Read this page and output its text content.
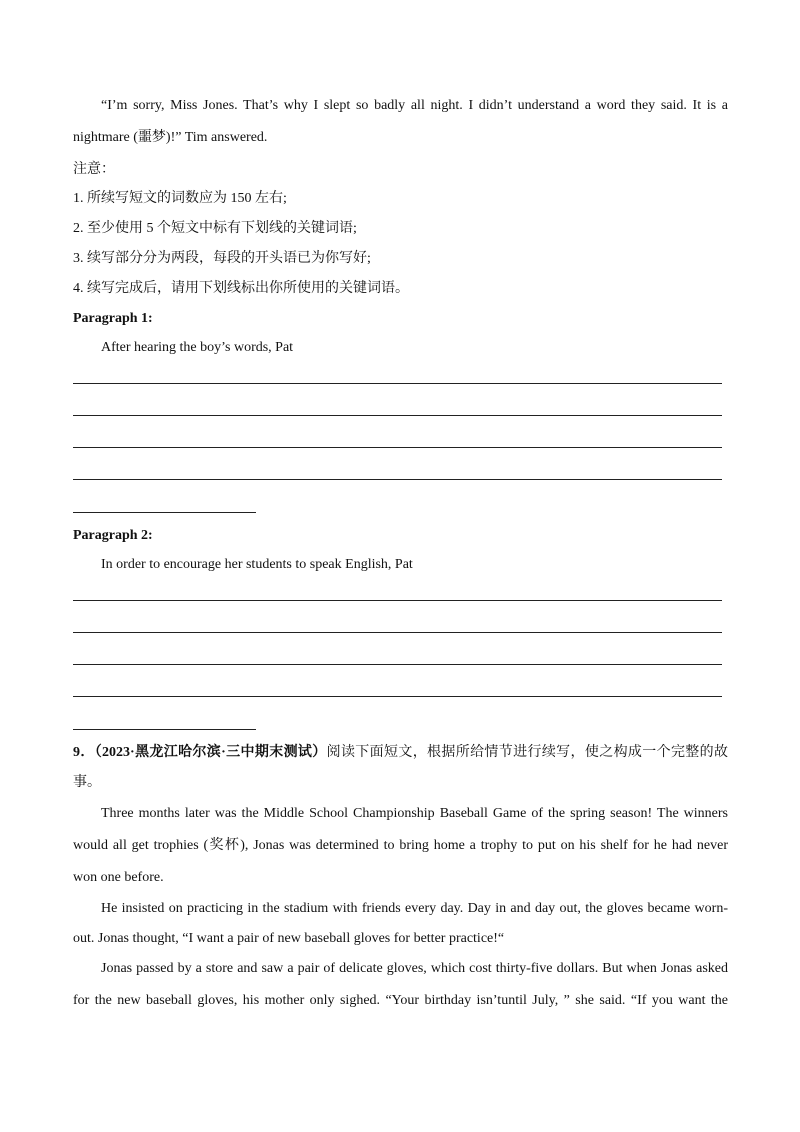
“I’m sorry, Miss Jones. That’s why I slept so badly all night. I didn’t understand a word they said. It is a
nightmare (噩梦)!” Tim answered.
注意：
1. 所续写短文的词数应为 150 左右;
2. 至少使用 5 个短文中标有下划线的关键词语;
3. 续写部分分为两段，每段的开头语已为你写好;
4. 续写完成后，请用下划线标出你所使用的关键词语。
Paragraph 1:
After hearing the boy’s words, Pat
Paragraph 2:
In order to encourage her students to speak English, Pat
9．（2023·黑龙江哈尔滨·三中期末测试）阅读下面短文，根据所给情节进行续写，使之构成一个完整的故
事。
Three months later was the Middle School Championship Baseball Game of the spring season! The winners
would all get trophies (奖杯), Jonas was determined to bring home a trophy to put on his shelf for he had never
won one before.
He insisted on practicing in the stadium with friends every day. Day in and day out, the gloves became worn-
out. Jonas thought, “I want a pair of new baseball gloves for better practice!“
Jonas passed by a store and saw a pair of delicate gloves, which cost thirty-five dollars. But when Jonas asked
for the new baseball gloves, his mother only sighed. “Your birthday isn’tuntil July, ” she said. “If you want the
